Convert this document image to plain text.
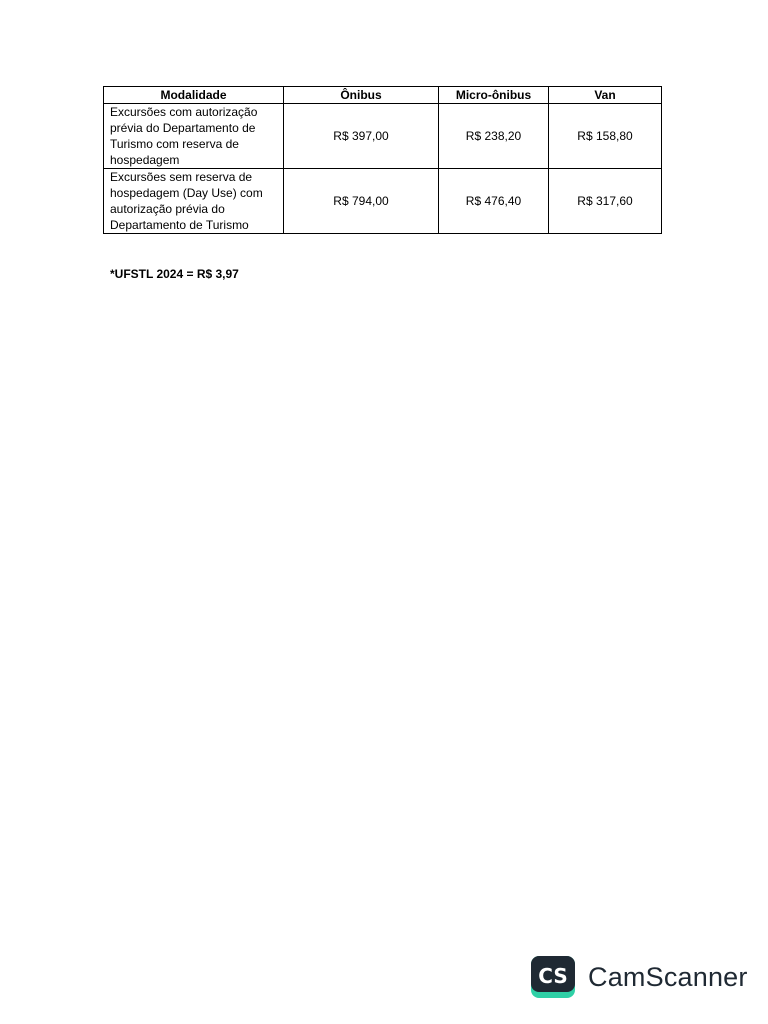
Modalidade	Ônibus	Micro-ônibus	Van
Excursões com autorização
prévia do Departamento de
Turismo com reserva de
hospedagem	R$ 397,00	R$ 238,20	R$ 158,80
Excursões sem reserva de
hospedagem (Day Use) com
autorização prévia do
Departamento de Turismo	R$ 794,00	R$ 476,40	R$ 317,60
*UFSTL 2024 = R$ 3,97
CS CamScanner
